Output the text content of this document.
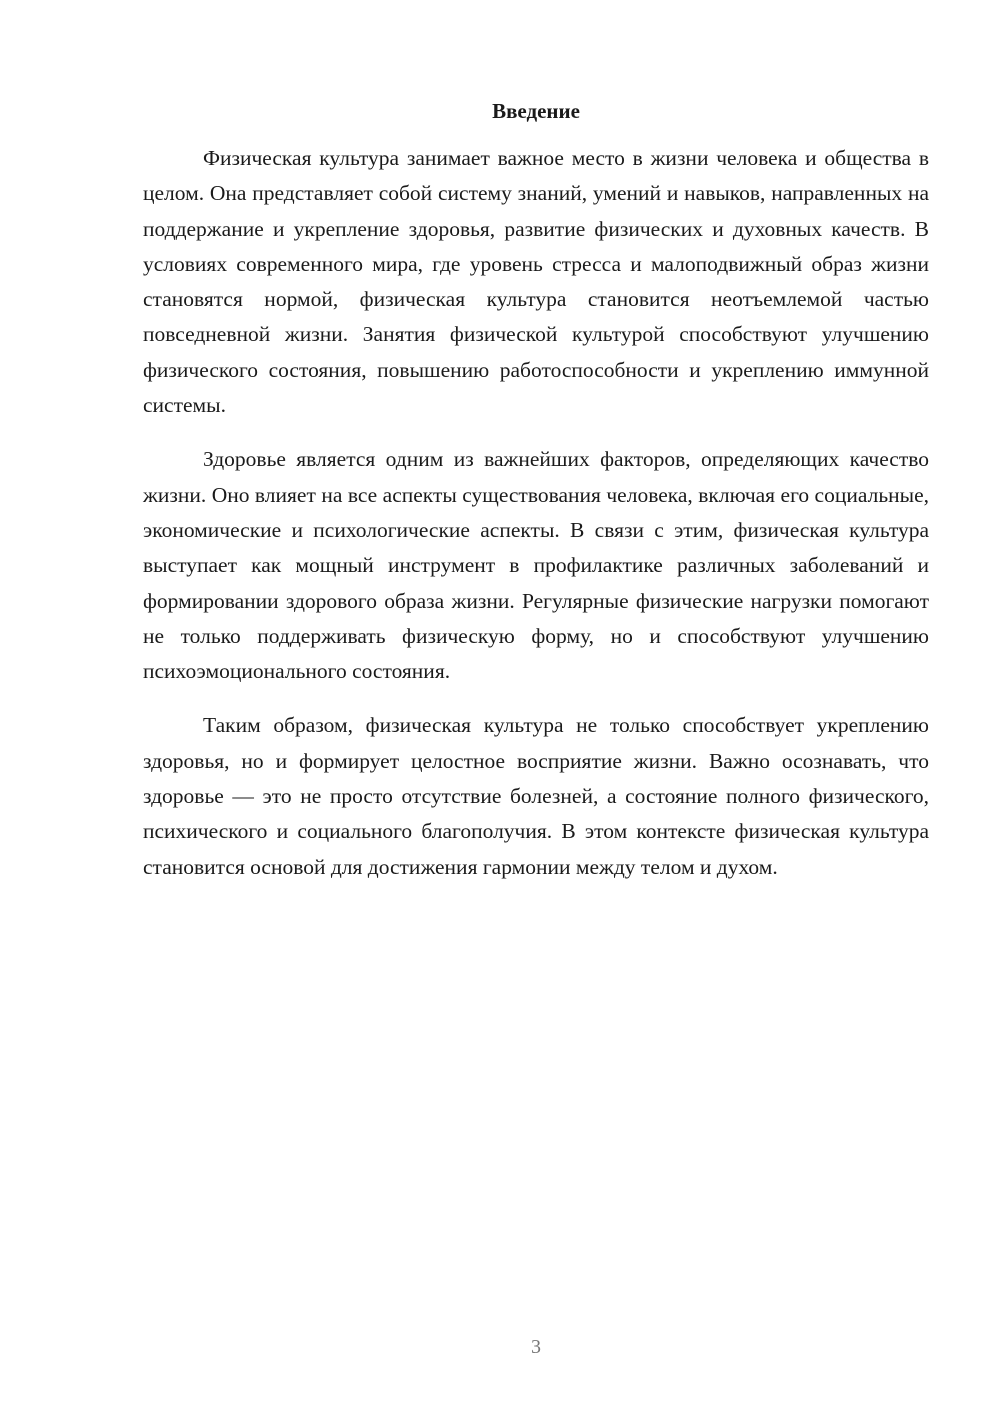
Введение

Физическая культура занимает важное место в жизни человека и общества в целом. Она представляет собой систему знаний, умений и навыков, направленных на поддержание и укрепление здоровья, развитие физических и духовных качеств. В условиях современного мира, где уровень стресса и малоподвижный образ жизни становятся нормой, физическая культура становится неотъемлемой частью повседневной жизни. Занятия физической культурой способствуют улучшению физического состояния, повышению работоспособности и укреплению иммунной системы.

Здоровье является одним из важнейших факторов, определяющих качество жизни. Оно влияет на все аспекты существования человека, включая его социальные, экономические и психологические аспекты. В связи с этим, физическая культура выступает как мощный инструмент в профилактике различных заболеваний и формировании здорового образа жизни. Регулярные физические нагрузки помогают не только поддерживать физическую форму, но и способствуют улучшению психоэмоционального состояния.

Таким образом, физическая культура не только способствует укреплению здоровья, но и формирует целостное восприятие жизни. Важно осознавать, что здоровье — это не просто отсутствие болезней, а состояние полного физического, психического и социального благополучия. В этом контексте физическая культура становится основой для достижения гармонии между телом и духом.

3
